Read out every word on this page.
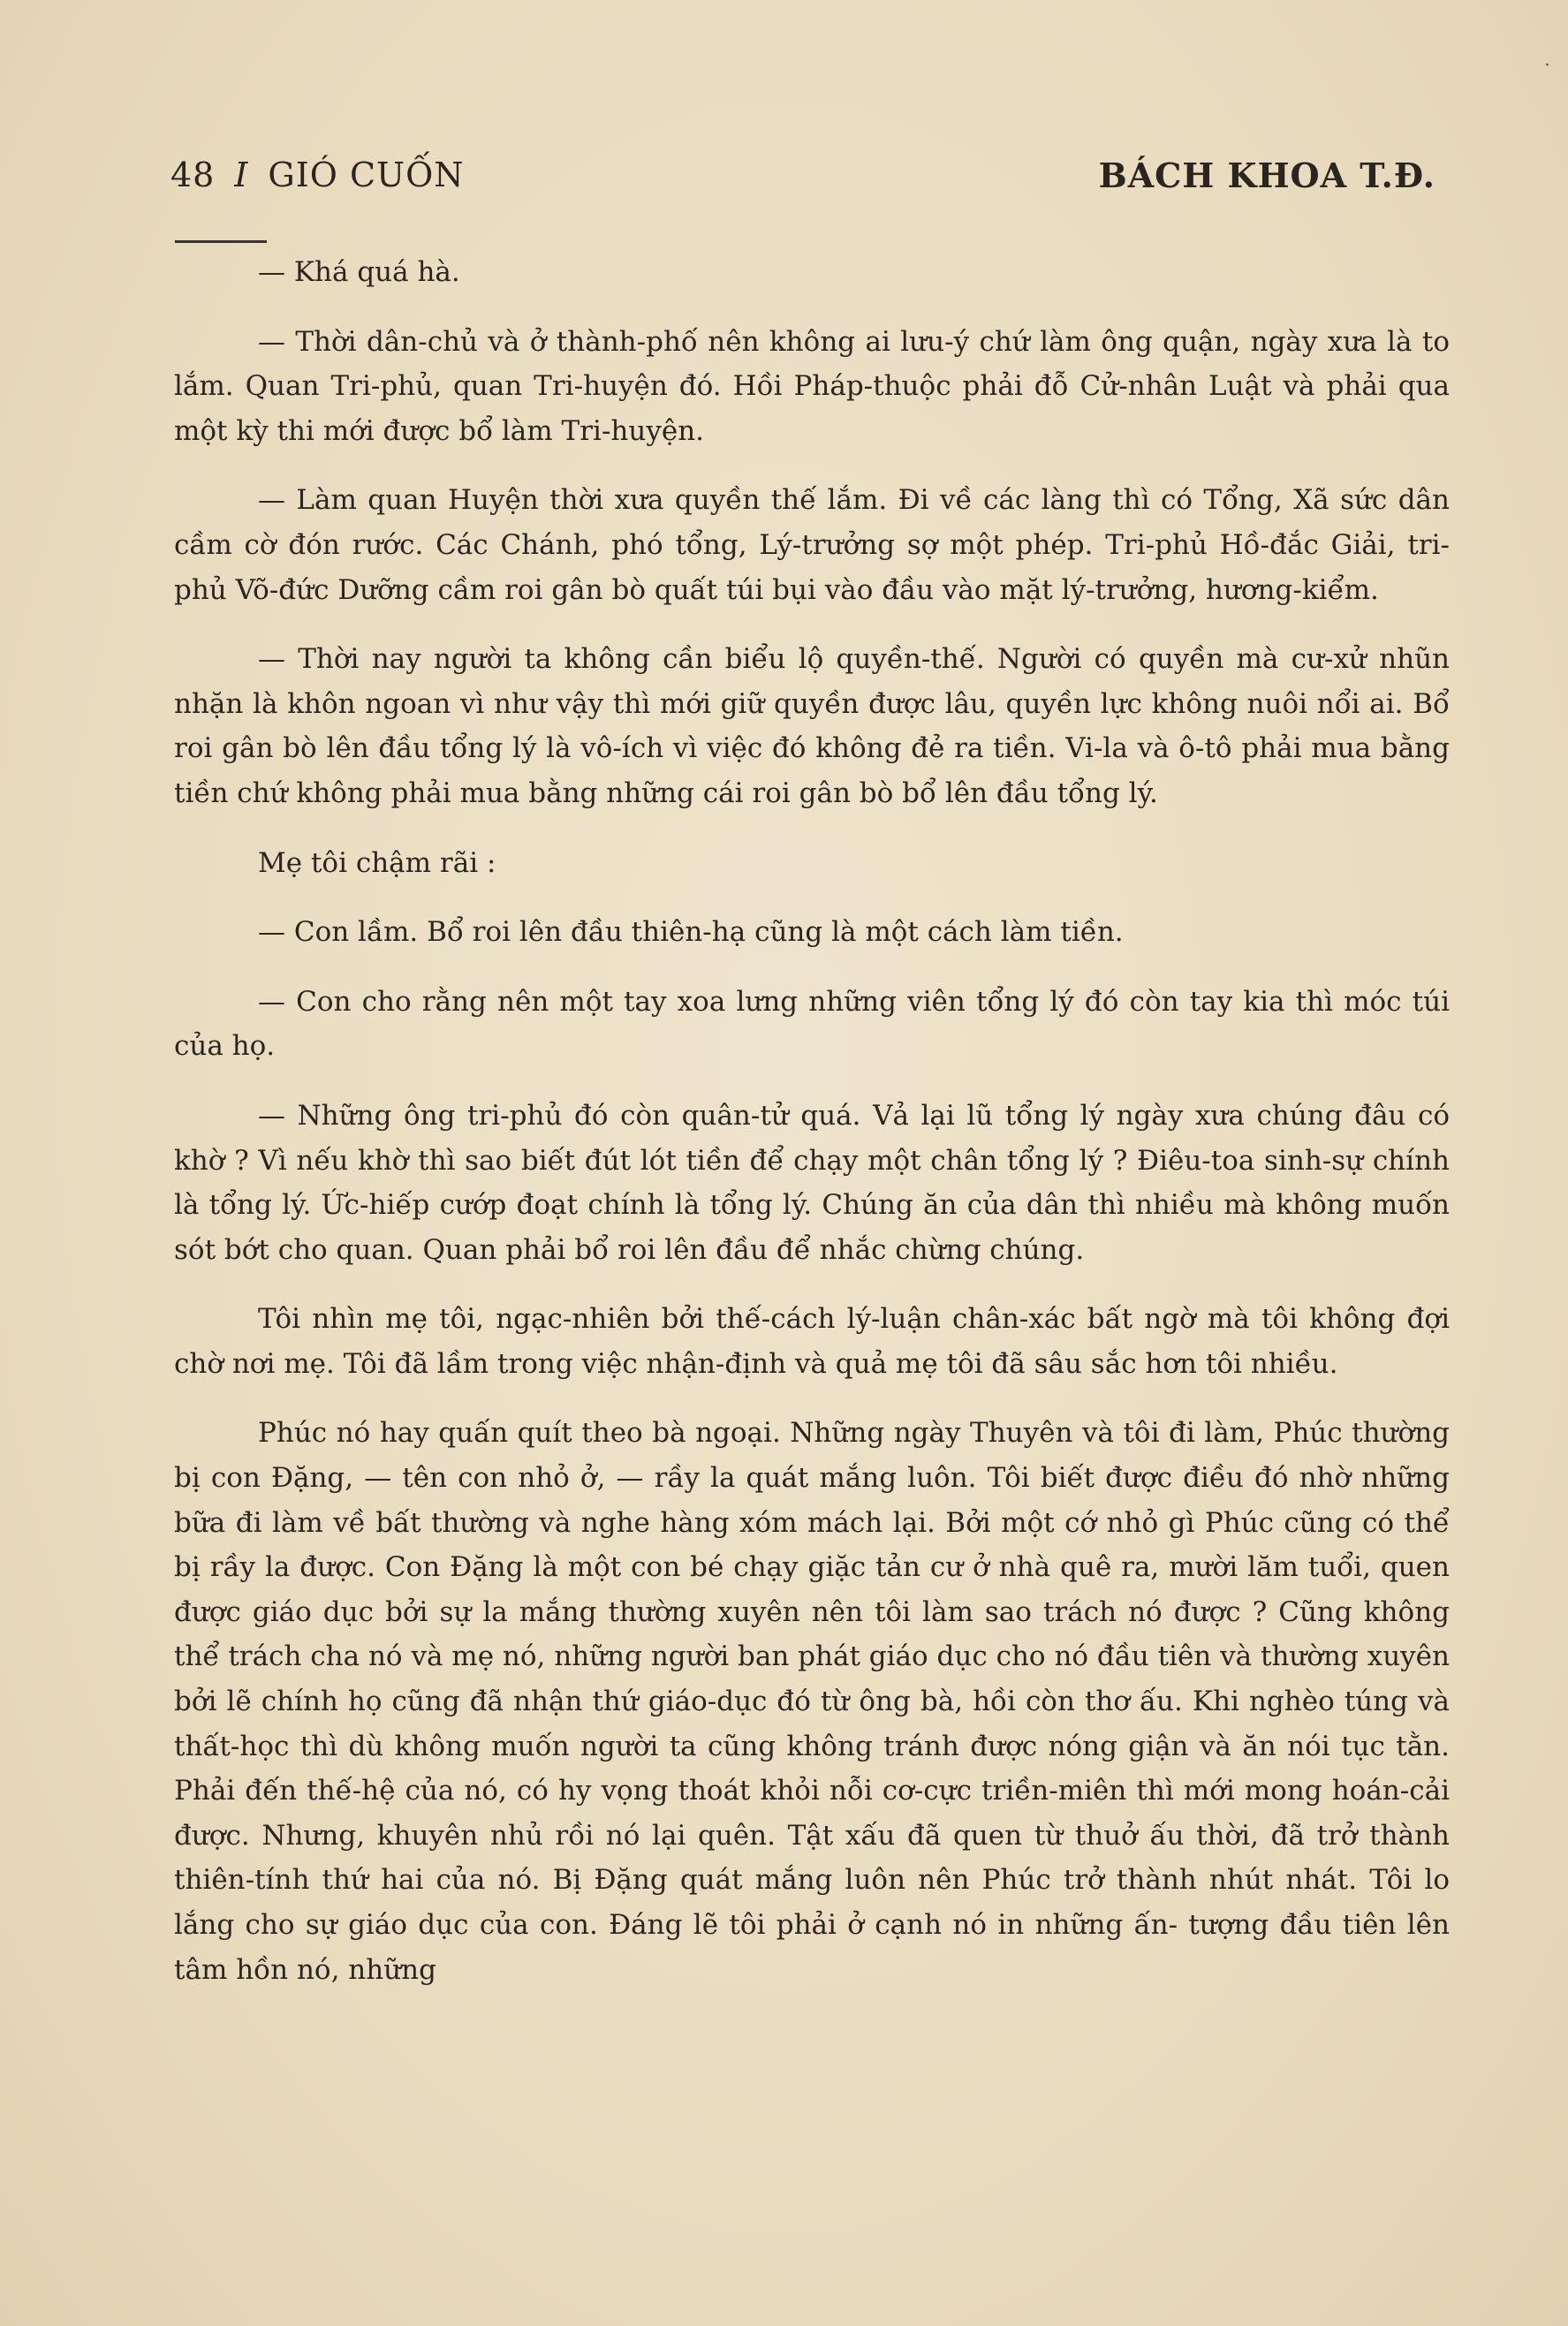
48 I GIÓ CUỐN	BÁCH KHOA T.Đ.

— Khá quá hà.

— Thời dân-chủ và ở thành-phố nên không ai lưu-ý chứ làm ông quận, ngày xưa là to lắm. Quan Tri-phủ, quan Tri-huyện đó. Hồi Pháp-thuộc phải đỗ Cử-nhân Luật và phải qua một kỳ thi mới được bổ làm Tri-huyện.

— Làm quan Huyện thời xưa quyền thế lắm. Đi về các làng thì có Tổng, Xã sức dân cầm cờ đón rước. Các Chánh, phó tổng, Lý-trưởng sợ một phép. Tri-phủ Hồ-đắc Giải, tri-phủ Võ-đức Dưỡng cầm roi gân bò quất túi bụi vào đầu vào mặt lý-trưởng, hương-kiểm.

— Thời nay người ta không cần biểu lộ quyền-thế. Người có quyền mà cư-xử nhũn nhặn là khôn ngoan vì như vậy thì mới giữ quyền được lâu, quyền lực không nuôi nổi ai. Bổ roi gân bò lên đầu tổng lý là vô-ích vì việc đó không đẻ ra tiền. Vi-la và ô-tô phải mua bằng tiền chứ không phải mua bằng những cái roi gân bò bổ lên đầu tổng lý.

Mẹ tôi chậm rãi :

— Con lầm. Bổ roi lên đầu thiên-hạ cũng là một cách làm tiền.

— Con cho rằng nên một tay xoa lưng những viên tổng lý đó còn tay kia thì móc túi của họ.

— Những ông tri-phủ đó còn quân-tử quá. Vả lại lũ tổng lý ngày xưa chúng đâu có khờ ? Vì nếu khờ thì sao biết đút lót tiền để chạy một chân tổng lý ? Điêu-toa sinh-sự chính là tổng lý. Ức-hiếp cướp đoạt chính là tổng lý. Chúng ăn của dân thì nhiều mà không muốn sót bớt cho quan. Quan phải bổ roi lên đầu để nhắc chừng chúng.

Tôi nhìn mẹ tôi, ngạc-nhiên bởi thế-cách lý-luận chân-xác bất ngờ mà tôi không đợi chờ nơi mẹ. Tôi đã lầm trong việc nhận-định và quả mẹ tôi đã sâu sắc hơn tôi nhiều.

Phúc nó hay quấn quít theo bà ngoại. Những ngày Thuyên và tôi đi làm, Phúc thường bị con Đặng, — tên con nhỏ ở, — rầy la quát mắng luôn. Tôi biết được điều đó nhờ những bữa đi làm về bất thường và nghe hàng xóm mách lại. Bởi một cớ nhỏ gì Phúc cũng có thể bị rầy la được. Con Đặng là một con bé chạy giặc tản cư ở nhà quê ra, mười lăm tuổi, quen được giáo dục bởi sự la mắng thường xuyên nên tôi làm sao trách nó được ? Cũng không thể trách cha nó và mẹ nó, những người ban phát giáo dục cho nó đầu tiên và thường xuyên bởi lẽ chính họ cũng đã nhận thứ giáo-dục đó từ ông bà, hồi còn thơ ấu. Khi nghèo túng và thất-học thì dù không muốn người ta cũng không tránh được nóng giận và ăn nói tục tằn. Phải đến thế-hệ của nó, có hy vọng thoát khỏi nỗi cơ-cực triền-miên thì mới mong hoán-cải được. Nhưng, khuyên nhủ rồi nó lại quên. Tật xấu đã quen từ thuở ấu thời, đã trở thành thiên-tính thứ hai của nó. Bị Đặng quát mắng luôn nên Phúc trở thành nhút nhát. Tôi lo lắng cho sự giáo dục của con. Đáng lẽ tôi phải ở cạnh nó in những ấn- tượng đầu tiên lên tâm hồn nó, những

·
